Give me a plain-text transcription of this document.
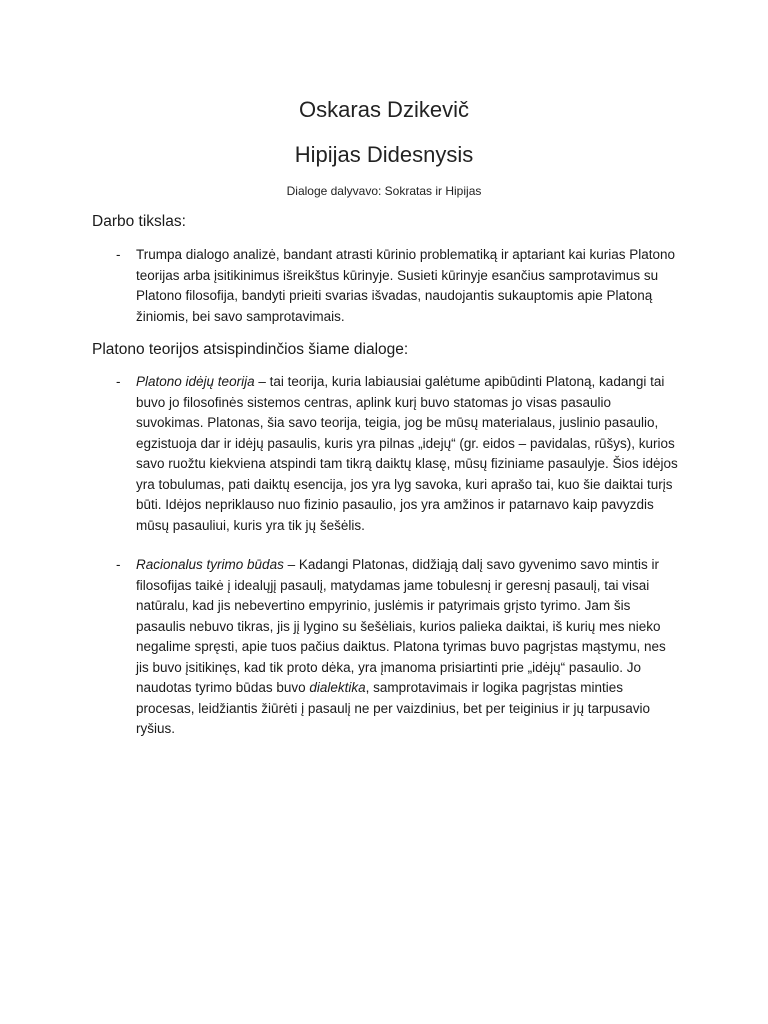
Oskaras Dzikevič
Hipijas Didesnysis
Dialoge dalyvavo: Sokratas ir Hipijas
Darbo tikslas:
- Trumpa dialogo analizė, bandant atrasti kūrinio problematiką ir aptariant kai kurias Platono teorijas arba įsitikinimus išreikštus kūrinyje. Susieti kūrinyje esančius samprotavimus su Platono filosofija, bandyti prieiti svarias išvadas, naudojantis sukauptomis apie Platoną žiniomis, bei savo samprotavimais.
Platono teorijos atsispindinčios šiame dialoge:
- Platono idėjų teorija – tai teorija, kuria labiausiai galėtume apibūdinti Platoną, kadangi tai buvo jo filosofinės sistemos centras, aplink kurį buvo statomas jo visas pasaulio suvokimas. Platonas, šia savo teorija, teigia, jog be mūsų materialaus, juslinio pasaulio, egzistuoja dar ir idėjų pasaulis, kuris yra pilnas „idejų“ (gr. eidos – pavidalas, rūšys), kurios savo ruožtu kiekviena atspindi tam tikrą daiktų klasę, mūsų fiziniame pasaulyje. Šios idėjos yra tobulumas, pati daiktų esencija, jos yra lyg savoka, kuri aprašo tai, kuo šie daiktai turįs būti. Idėjos nepriklauso nuo fizinio pasaulio, jos yra amžinos ir patarnavo kaip pavyzdis mūsų pasauliui, kuris yra tik jų šešėlis.
- Racionalus tyrimo būdas – Kadangi Platonas, didžiąją dalį savo gyvenimo savo mintis ir filosofijas taikė į idealųjį pasaulį, matydamas jame tobulesnį ir geresnį pasaulį, tai visai natūralu, kad jis nebevertino empyrinio, juslėmis ir patyrimais grįsto tyrimo. Jam šis pasaulis nebuvo tikras, jis jį lygino su šešėliais, kurios palieka daiktai, iš kurių mes nieko negalime spręsti, apie tuos pačius daiktus. Platona tyrimas buvo pagrįstas mąstymu, nes jis buvo įsitikinęs, kad tik proto dėka, yra įmanoma prisiartinti prie „idėjų“ pasaulio. Jo naudotas tyrimo būdas buvo dialektika, samprotavimais ir logika pagrįstas minties procesas, leidžiantis žiūrėti į pasaulį ne per vaizdinius, bet per teiginius ir jų tarpusavio ryšius.
